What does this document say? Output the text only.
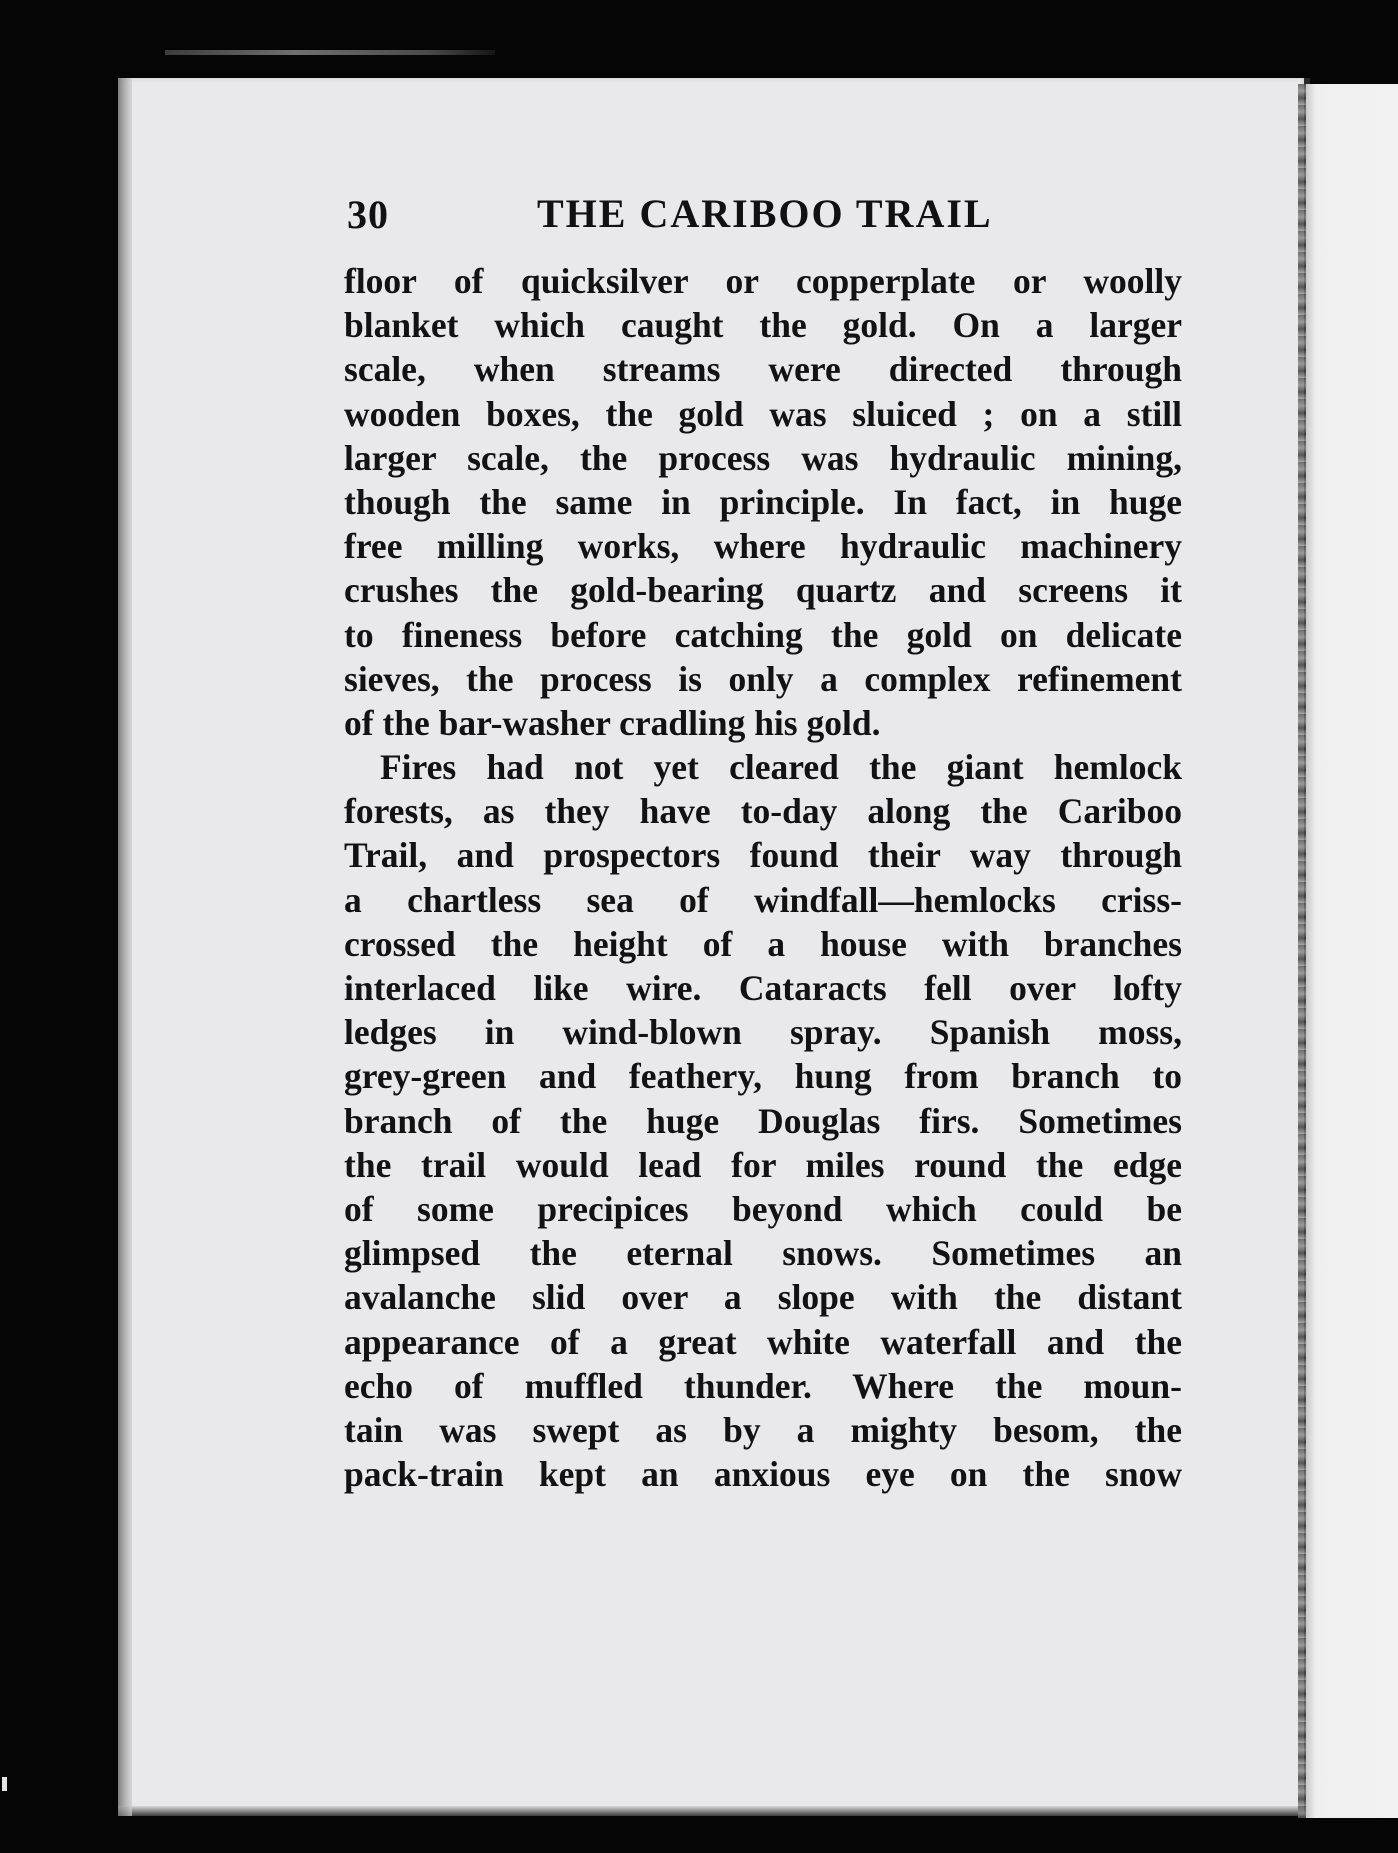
30	THE CARIBOO TRAIL
floor of quicksilver or copperplate or woolly
blanket which caught the gold. On a larger
scale, when streams were directed through
wooden boxes, the gold was sluiced ; on a still
larger scale, the process was hydraulic mining,
though the same in principle. In fact, in huge
free milling works, where hydraulic machinery
crushes the gold-bearing quartz and screens it
to fineness before catching the gold on delicate
sieves, the process is only a complex refinement
of the bar-washer cradling his gold.
Fires had not yet cleared the giant hemlock
forests, as they have to-day along the Cariboo
Trail, and prospectors found their way through
a chartless sea of windfall—hemlocks criss-
crossed the height of a house with branches
interlaced like wire. Cataracts fell over lofty
ledges in wind-blown spray. Spanish moss,
grey-green and feathery, hung from branch to
branch of the huge Douglas firs. Sometimes
the trail would lead for miles round the edge
of some precipices beyond which could be
glimpsed the eternal snows. Sometimes an
avalanche slid over a slope with the distant
appearance of a great white waterfall and the
echo of muffled thunder. Where the moun-
tain was swept as by a mighty besom, the
pack-train kept an anxious eye on the snow
